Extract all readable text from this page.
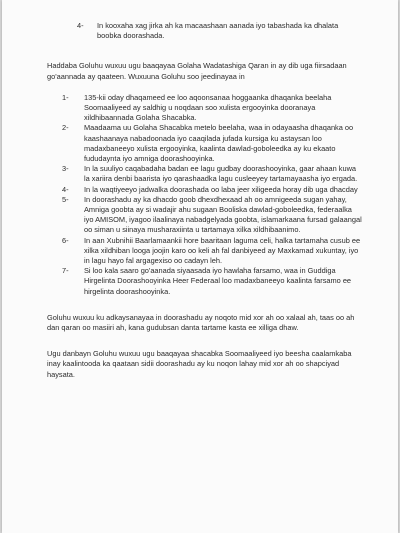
4-	In kooxaha xag jirka ah ka macaashaan aanada iyo tabashada ka dhalata boobka doorashada.

Haddaba Goluhu wuxuu ugu baaqayaa Golaha Wadatashiga Qaran in ay dib uga fiirsadaan go'aannada ay qaateen. Wuxuuna Goluhu soo jeedinayaa in

1-	135-kii oday dhaqameed ee loo aqoonsanaa hoggaanka dhaqanka beelaha Soomaaliyeed ay saldhig u noqdaan soo xulista ergooyinka dooranaya xildhibaannada Golaha Shacabka.
2-	Maadaama uu Golaha Shacabka metelo beelaha, waa in odayaasha dhaqanka oo kaashaanaya nabadoonada iyo caaqilada jufada kursiga ku astaysan loo madaxbaneeyo xulista ergooyinka, kaalinta dawlad-goboleedka ay ku ekaato fududaynta iyo amniga doorashooyinka.
3-	In la suuliyo caqabadaha badan ee lagu gudbay doorashooyinka, gaar ahaan kuwa la xariira denbi baarista iyo qarashaadka lagu cusleeyey tartamayaasha iyo ergada.
4-	In la waqtiyeeyo jadwalka doorashada oo laba jeer xiligeeda horay dib uga dhacday
5-	In doorashadu ay ka dhacdo goob dhexdhexaad ah oo amnigeeda sugan yahay, Amniga goobta ay si wadajir ahu sugaan Booliska dawlad-goboleedka, federaalka iyo AMISOM, iyagoo ilaalinaya nabadgelyada goobta, islamarkaana fursad galaangal oo siman u siinaya musharaxiinta u tartamaya xilka xildhibaanimo.
6-	In aan Xubnihii Baarlamaankii hore baaritaan laguma celi, halka tartamaha cusub ee xilka xildhiban looga joojin karo oo keli ah fal danbiyeed ay Maxkamad xukuntay, iyo in lagu hayo fal argagexiso oo cadayn leh.
7-	Si loo kala saaro go'aanada siyaasada iyo hawlaha farsamo, waa in Guddiga Hirgelinta Doorashooyinka Heer Federaal loo madaxbaneeyo kaalinta farsamo ee hirgelinta doorashooyinka.

Goluhu wuxuu ku adkaysanayaa in doorashadu ay noqoto mid xor ah oo xalaal ah, taas oo ah dan qaran oo masiiri ah, kana gudubsan danta tartame kasta ee xilliga dhaw.

Ugu danbayn Goluhu wuxuu ugu baaqayaa shacabka Soomaaliyeed iyo beesha caalamkaba inay kaalintooda ka qaataan sidii doorashadu ay ku noqon lahay mid xor ah oo shарciyad haysata.
